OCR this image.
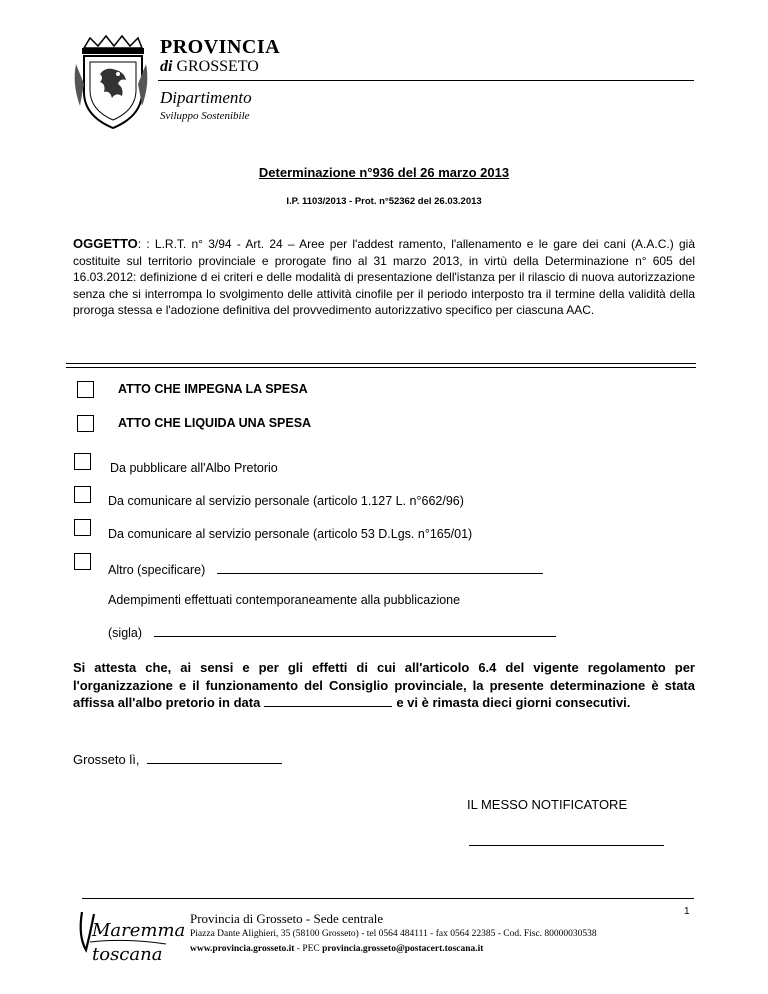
PROVINCIA
di GROSSETO
Dipartimento
Sviluppo Sostenibile
Determinazione n°936 del 26 marzo 2013
I.P. 1103/2013 - Prot. n°52362 del 26.03.2013
OGGETTO: : L.R.T. n° 3/94 - Art. 24 – Aree per l'addest ramento, l'allenamento e le gare dei cani (A.A.C.) già costituite sul territorio provinciale e prorogate fino al 31 marzo 2013, in virtù della Determinazione n° 605 del 16.03.2012: definizione d ei criteri e delle modalità di presentazione dell'istanza per il rilascio di nuova autorizzazione senza che si interrompa lo svolgimento delle attività cinofile per il periodo interposto tra il termine della validità della proroga stessa e l'adozione definitiva del provvedimento autorizzativo specifico per ciascuna AAC.
ATTO CHE IMPEGNA LA SPESA
ATTO CHE LIQUIDA UNA SPESA
Da pubblicare all'Albo Pretorio
Da comunicare al servizio personale (articolo 1.127 L. n°662/96)
Da comunicare al servizio personale (articolo 53 D.Lgs. n°165/01)
Altro (specificare)
Adempimenti effettuati contemporaneamente alla pubblicazione
(sigla)
Si attesta che, ai sensi e per gli effetti di cui all'articolo 6.4 del vigente regolamento per l'organizzazione e il funzionamento del Consiglio provinciale, la presente determinazione è stata affissa all'albo pretorio in data	e vi è rimasta dieci giorni consecutivi.
Grosseto lì,
IL MESSO NOTIFICATORE
1
Maremma
toscana
Provincia di Grosseto - Sede centrale
Piazza Dante Alighieri, 35 (58100 Grosseto) - tel 0564 484111 - fax 0564 22385 - Cod. Fisc. 80000030538
www.provincia.grosseto.it - PEC provincia.grosseto@postacert.toscana.it
